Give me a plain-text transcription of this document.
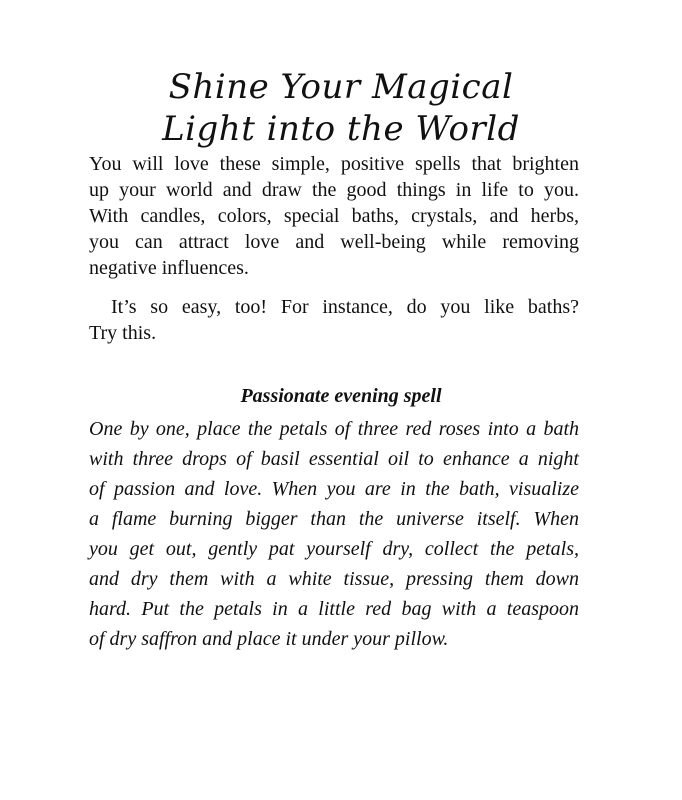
Shine Your Magical
Light into the World
You will love these simple, positive spells that brighten
up your world and draw the good things in life to you.
With candles, colors, special baths, crystals, and herbs,
you can attract love and well-being while removing
negative influences.
It’s so easy, too! For instance, do you like baths?
Try this.
Passionate evening spell
One by one, place the petals of three red roses into a bath
with three drops of basil essential oil to enhance a night
of passion and love. When you are in the bath, visualize
a flame burning bigger than the universe itself. When
you get out, gently pat yourself dry, collect the petals,
and dry them with a white tissue, pressing them down
hard. Put the petals in a little red bag with a teaspoon
of dry saffron and place it under your pillow.
